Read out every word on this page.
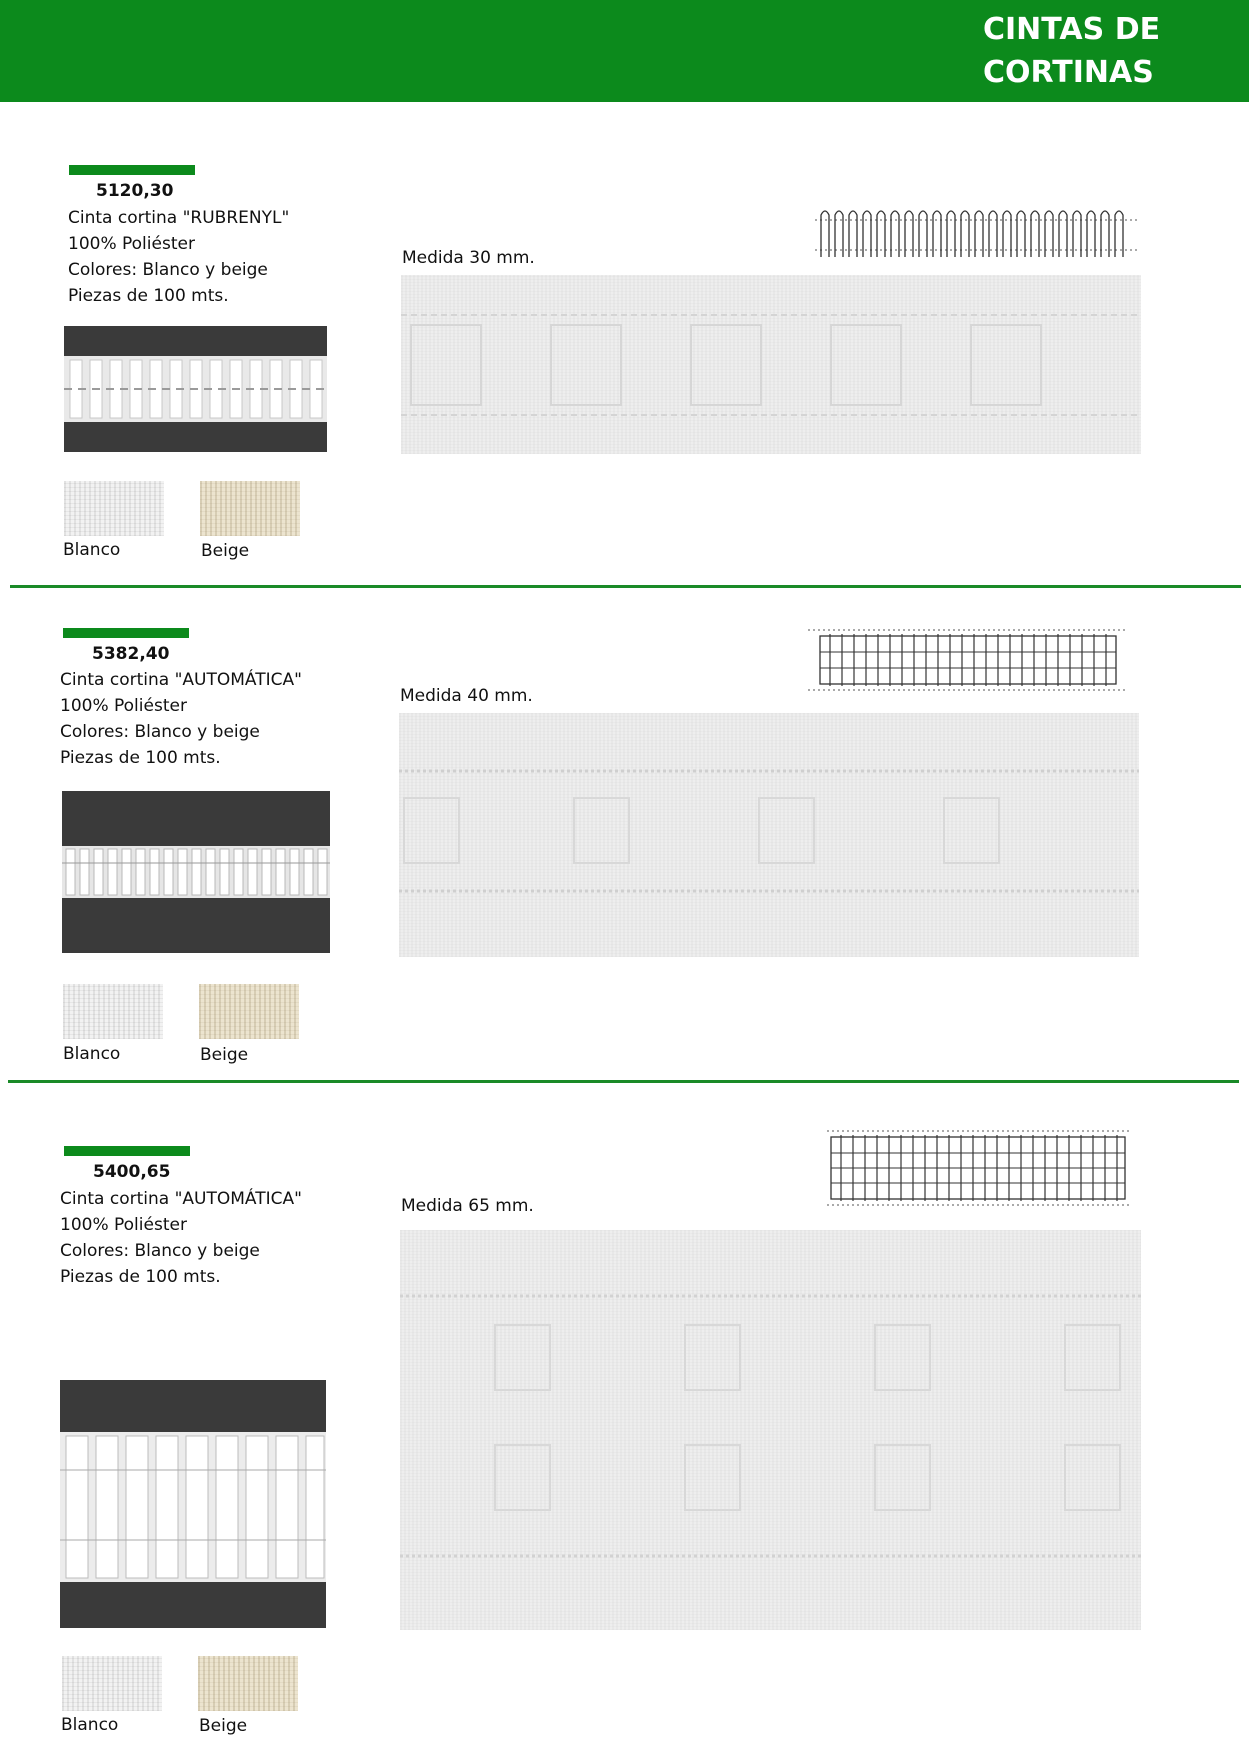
CINTAS DE
CORTINAS
5120,30
Cinta cortina "RUBRENYL"
100% Poliéster
Colores: Blanco y beige
Piezas de 100 mts.
Blanco	Beige
Medida 30 mm.
5382,40
Cinta cortina "AUTOMÁTICA"
100% Poliéster
Colores: Blanco y beige
Piezas de 100 mts.
Blanco	Beige
Medida 40 mm.
5400,65
Cinta cortina "AUTOMÁTICA"
100% Poliéster
Colores: Blanco y beige
Piezas de 100 mts.
Blanco	Beige
Medida 65 mm.
